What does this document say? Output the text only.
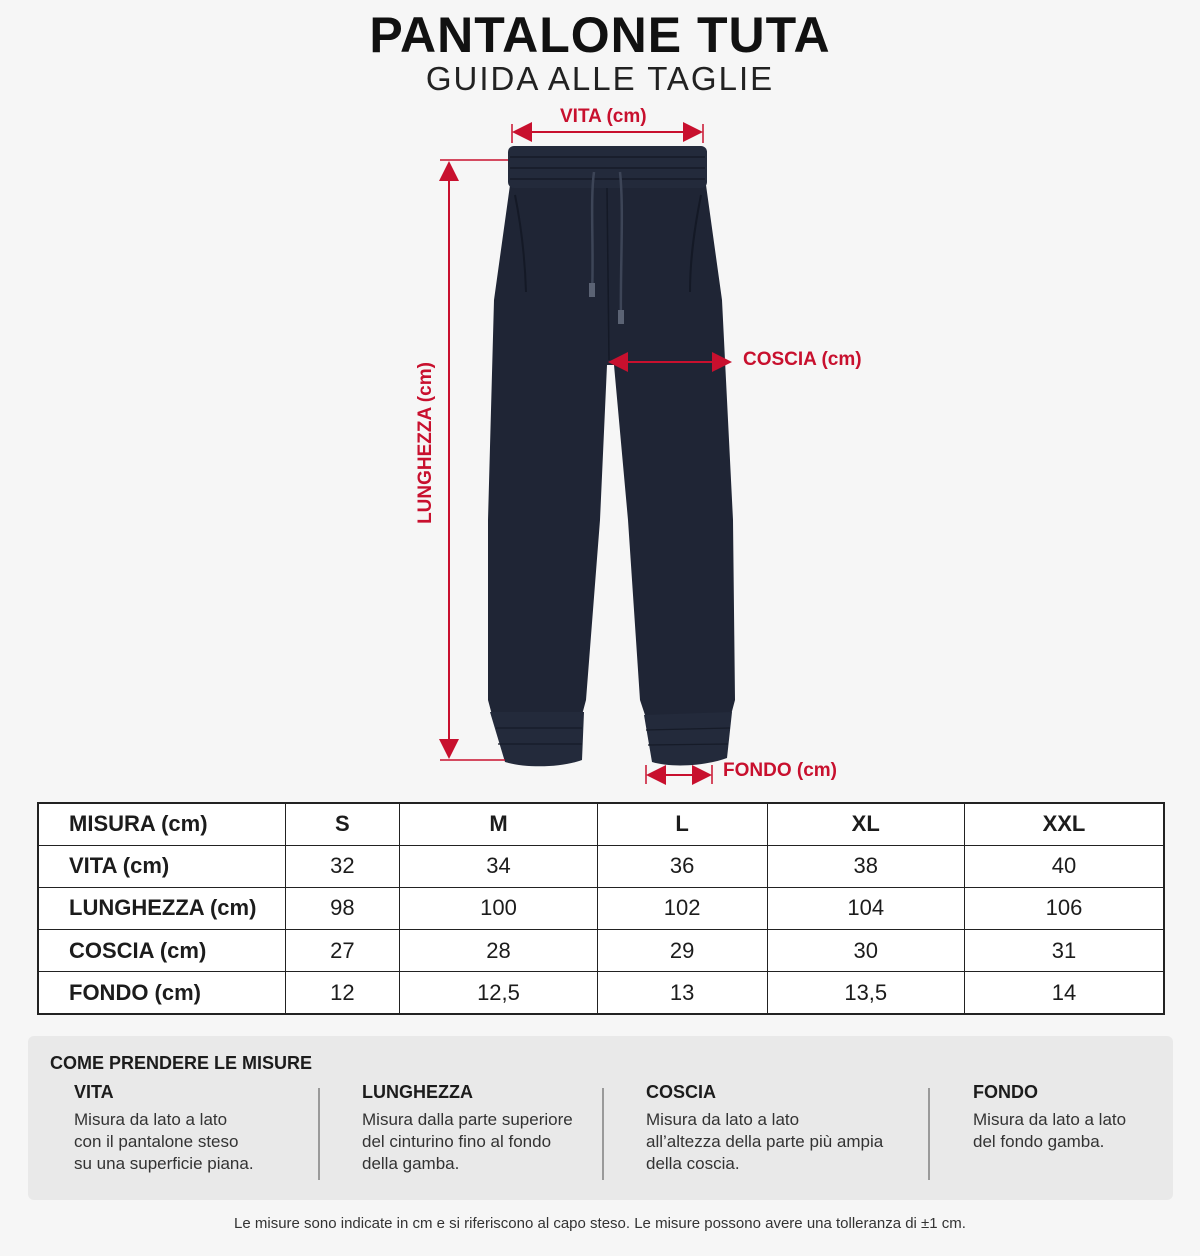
PANTALONE TUTA
GUIDA ALLE TAGLIE
VITA (cm)
LUNGHEZZA (cm)
COSCIA (cm)
FONDO (cm)
MISURA (cm)	S	M	L	XL	XXL
VITA (cm)	32	34	36	38	40
LUNGHEZZA (cm)	98	100	102	104	106
COSCIA (cm)	27	28	29	30	31
FONDO (cm)	12	12,5	13	13,5	14
COME PRENDERE LE MISURE
VITA
Misura da lato a lato
con il pantalone steso
su una superficie piana.
LUNGHEZZA
Misura dalla parte superiore
del cinturino fino al fondo
della gamba.
COSCIA
Misura da lato a lato
all’altezza della parte più ampia
della coscia.
FONDO
Misura da lato a lato
del fondo gamba.
Le misure sono indicate in cm e si riferiscono al capo steso. Le misure possono avere una tolleranza di ±1 cm.
